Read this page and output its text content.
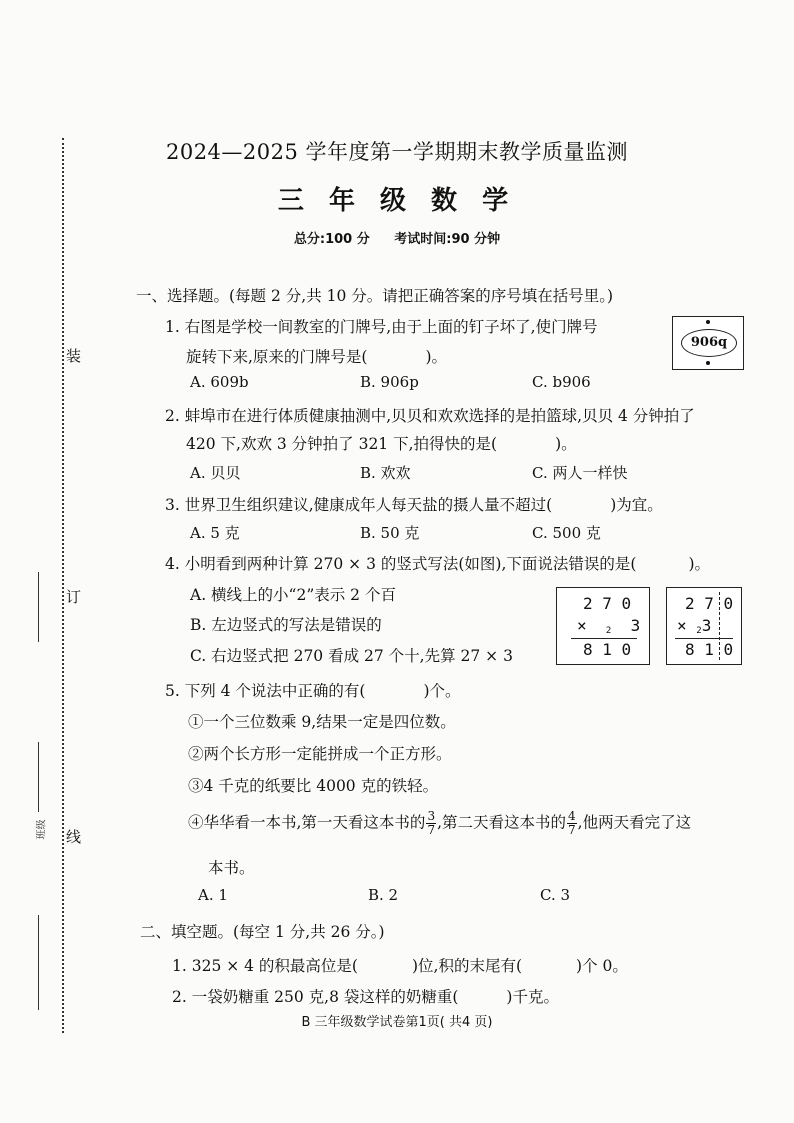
装
订
线
班级
2024—2025 学年度第一学期期末教学质量监测
三 年 级 数 学
总分:100 分 考试时间:90 分钟
一、选择题。(每题 2 分,共 10 分。请把正确答案的序号填在括号里。)
1. 右图是学校一间教室的门牌号,由于上面的钉子坏了,使门牌号
旋转下来,原来的门牌号是(	)。
906q
A. 609b	B. 906p	C. b906
2. 蚌埠市在进行体质健康抽测中,贝贝和欢欢选择的是拍篮球,贝贝 4 分钟拍了
420 下,欢欢 3 分钟拍了 321 下,拍得快的是(	)。
A. 贝贝	B. 欢欢	C. 两人一样快
3. 世界卫生组织建议,健康成年人每天盐的摄人量不超过(	)为宜。
A. 5 克	B. 50 克	C. 500 克
4. 小明看到两种计算 270 × 3 的竖式写法(如图),下面说法错误的是(	)。
A. 横线上的小“2”表示 2 个百
B. 左边竖式的写法是错误的
C. 右边竖式把 270 看成 27 个十,先算 27 × 3
2 7 0
× 2 3
8 1 0
2 7 0
× 23
8 1 0
5. 下列 4 个说法中正确的有(	)个。
①一个三位数乘 9,结果一定是四位数。
②两个长方形一定能拼成一个正方形。
③4 千克的纸要比 4000 克的铁轻。
④华华看一本书,第一天看这本书的 $\frac{3}{7}$ ,第二天看这本书的 $\frac{4}{7}$ ,他两天看完了这
本书。
A. 1	B. 2	C. 3
二、填空题。(每空 1 分,共 26 分。)
1. 325 × 4 的积最高位是(	)位,积的末尾有(	)个 0。
2. 一袋奶糖重 250 克,8 袋这样的奶糖重(	)千克。
B 三年级数学试卷第1页( 共4 页)
